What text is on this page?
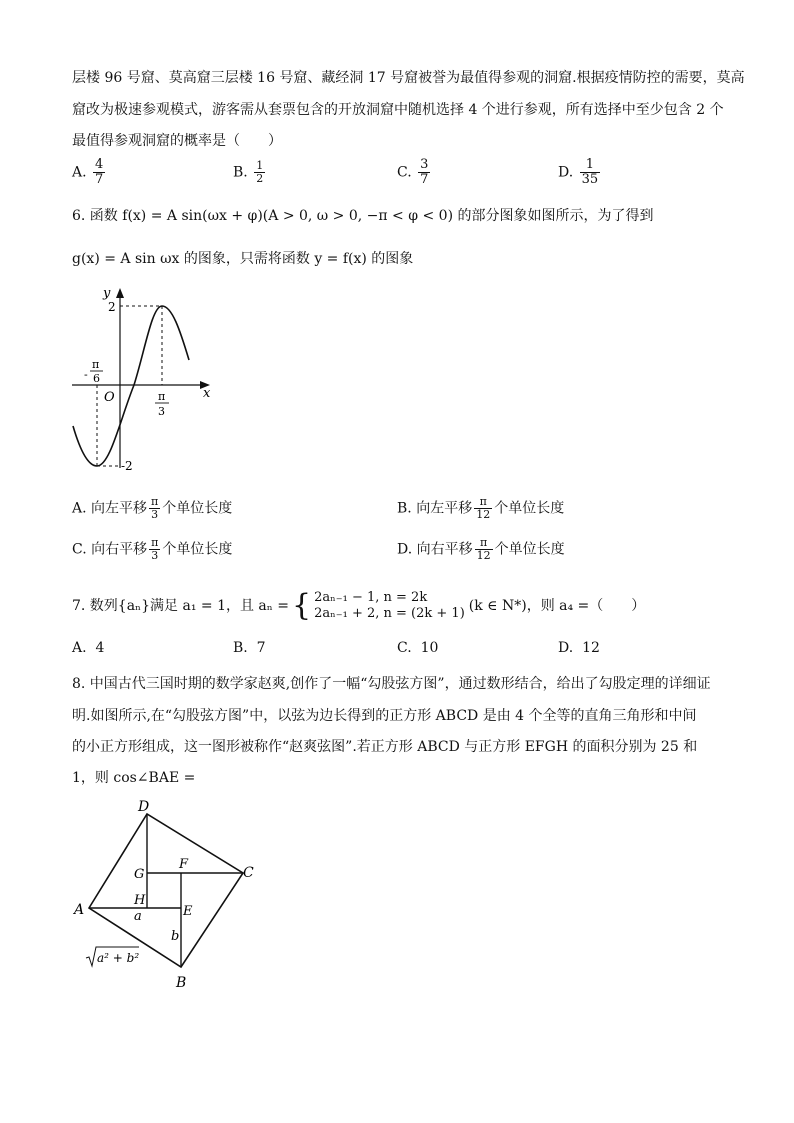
层楼 96 号窟、莫高窟三层楼 16 号窟、藏经洞 17 号窟被誉为最值得参观的洞窟.根据疫情防控的需要，莫高
窟改为极速参观模式，游客需从套票包含的开放洞窟中随机选择 4 个进行参观，所有选择中至少包含 2 个
最值得参观洞窟的概率是（　　）
A. $\frac{4}{7}$	B. $\frac{1}{2}$	C. $\frac{3}{7}$	D. $\frac{1}{35}$
6. 函数 f(x) = A sin(ωx + φ)(A > 0, ω > 0, −π < φ < 0) 的部分图象如图所示，为了得到
g(x) = A sin ωx 的图象，只需将函数 y = f(x) 的图象
y
x
O
2
-2
-
π
6
π
3
A. 向左平移 $\frac{\pi}{3}$ 个单位长度	B. 向左平移 $\frac{\pi}{12}$ 个单位长度
C. 向右平移 $\frac{\pi}{3}$ 个单位长度	D. 向右平移 $\frac{\pi}{12}$ 个单位长度
7. 数列{aₙ}满足 a₁ = 1，且 aₙ = { 2aₙ₋₁ − 1, n = 2k
2aₙ₋₁ + 2, n = (2k + 1) (k ∈ N*)，则 a₄ =（　　）
A. 4	B. 7	C. 10	D. 12
8. 中国古代三国时期的数学家赵爽,创作了一幅“勾股弦方图”，通过数形结合，给出了勾股定理的详细证
明.如图所示,在“勾股弦方图”中，以弦为边长得到的正方形 ABCD 是由 4 个全等的直角三角形和中间
的小正方形组成，这一图形被称作“赵爽弦图”.若正方形 ABCD 与正方形 EFGH 的面积分别为 25 和
1，则 cos∠BAE =
A
B
C
D
E
F
G
H
a
b
a² + b²
